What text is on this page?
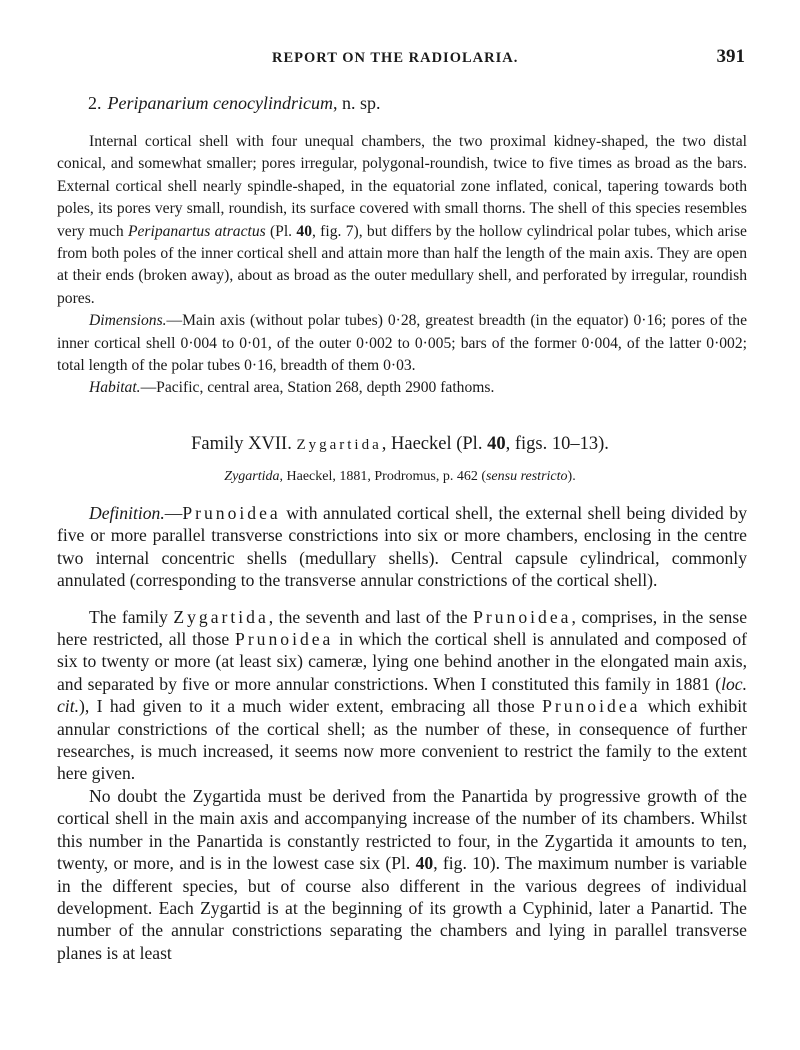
REPORT ON THE RADIOLARIA.	391
2. Peripanarium cenocylindricum, n. sp.

Internal cortical shell with four unequal chambers, the two proximal kidney-shaped, the two distal conical, and somewhat smaller; pores irregular, polygonal-roundish, twice to five times as broad as the bars. External cortical shell nearly spindle-shaped, in the equatorial zone inflated, conical, tapering towards both poles, its pores very small, roundish, its surface covered with small thorns. The shell of this species resembles very much Peripanartus atractus (Pl. 40, fig. 7), but differs by the hollow cylindrical polar tubes, which arise from both poles of the inner cortical shell and attain more than half the length of the main axis. They are open at their ends (broken away), about as broad as the outer medullary shell, and perforated by irregular, roundish pores.

Dimensions.—Main axis (without polar tubes) 0·28, greatest breadth (in the equator) 0·16; pores of the inner cortical shell 0·004 to 0·01, of the outer 0·002 to 0·005; bars of the former 0·004, of the latter 0·002; total length of the polar tubes 0·16, breadth of them 0·03.

Habitat.—Pacific, central area, Station 268, depth 2900 fathoms.

Family XVII. Zygartida, Haeckel (Pl. 40, figs. 10–13).
Zygartida, Haeckel, 1881, Prodromus, p. 462 (sensu restricto).

Definition.—Prunoidea with annulated cortical shell, the external shell being divided by five or more parallel transverse constrictions into six or more chambers, enclosing in the centre two internal concentric shells (medullary shells). Central capsule cylindrical, commonly annulated (corresponding to the transverse annular constrictions of the cortical shell).

The family Zygartida, the seventh and last of the Prunoidea, comprises, in the sense here restricted, all those Prunoidea in which the cortical shell is annulated and composed of six to twenty or more (at least six) cameræ, lying one behind another in the elongated main axis, and separated by five or more annular constrictions. When I constituted this family in 1881 (loc. cit.), I had given to it a much wider extent, embracing all those Prunoidea which exhibit annular constrictions of the cortical shell; as the number of these, in consequence of further researches, is much increased, it seems now more convenient to restrict the family to the extent here given.

No doubt the Zygartida must be derived from the Panartida by progressive growth of the cortical shell in the main axis and accompanying increase of the number of its chambers. Whilst this number in the Panartida is constantly restricted to four, in the Zygartida it amounts to ten, twenty, or more, and is in the lowest case six (Pl. 40, fig. 10). The maximum number is variable in the different species, but of course also different in the various degrees of individual development. Each Zygartid is at the beginning of its growth a Cyphinid, later a Panartid. The number of the annular constrictions separating the chambers and lying in parallel transverse planes is at least
